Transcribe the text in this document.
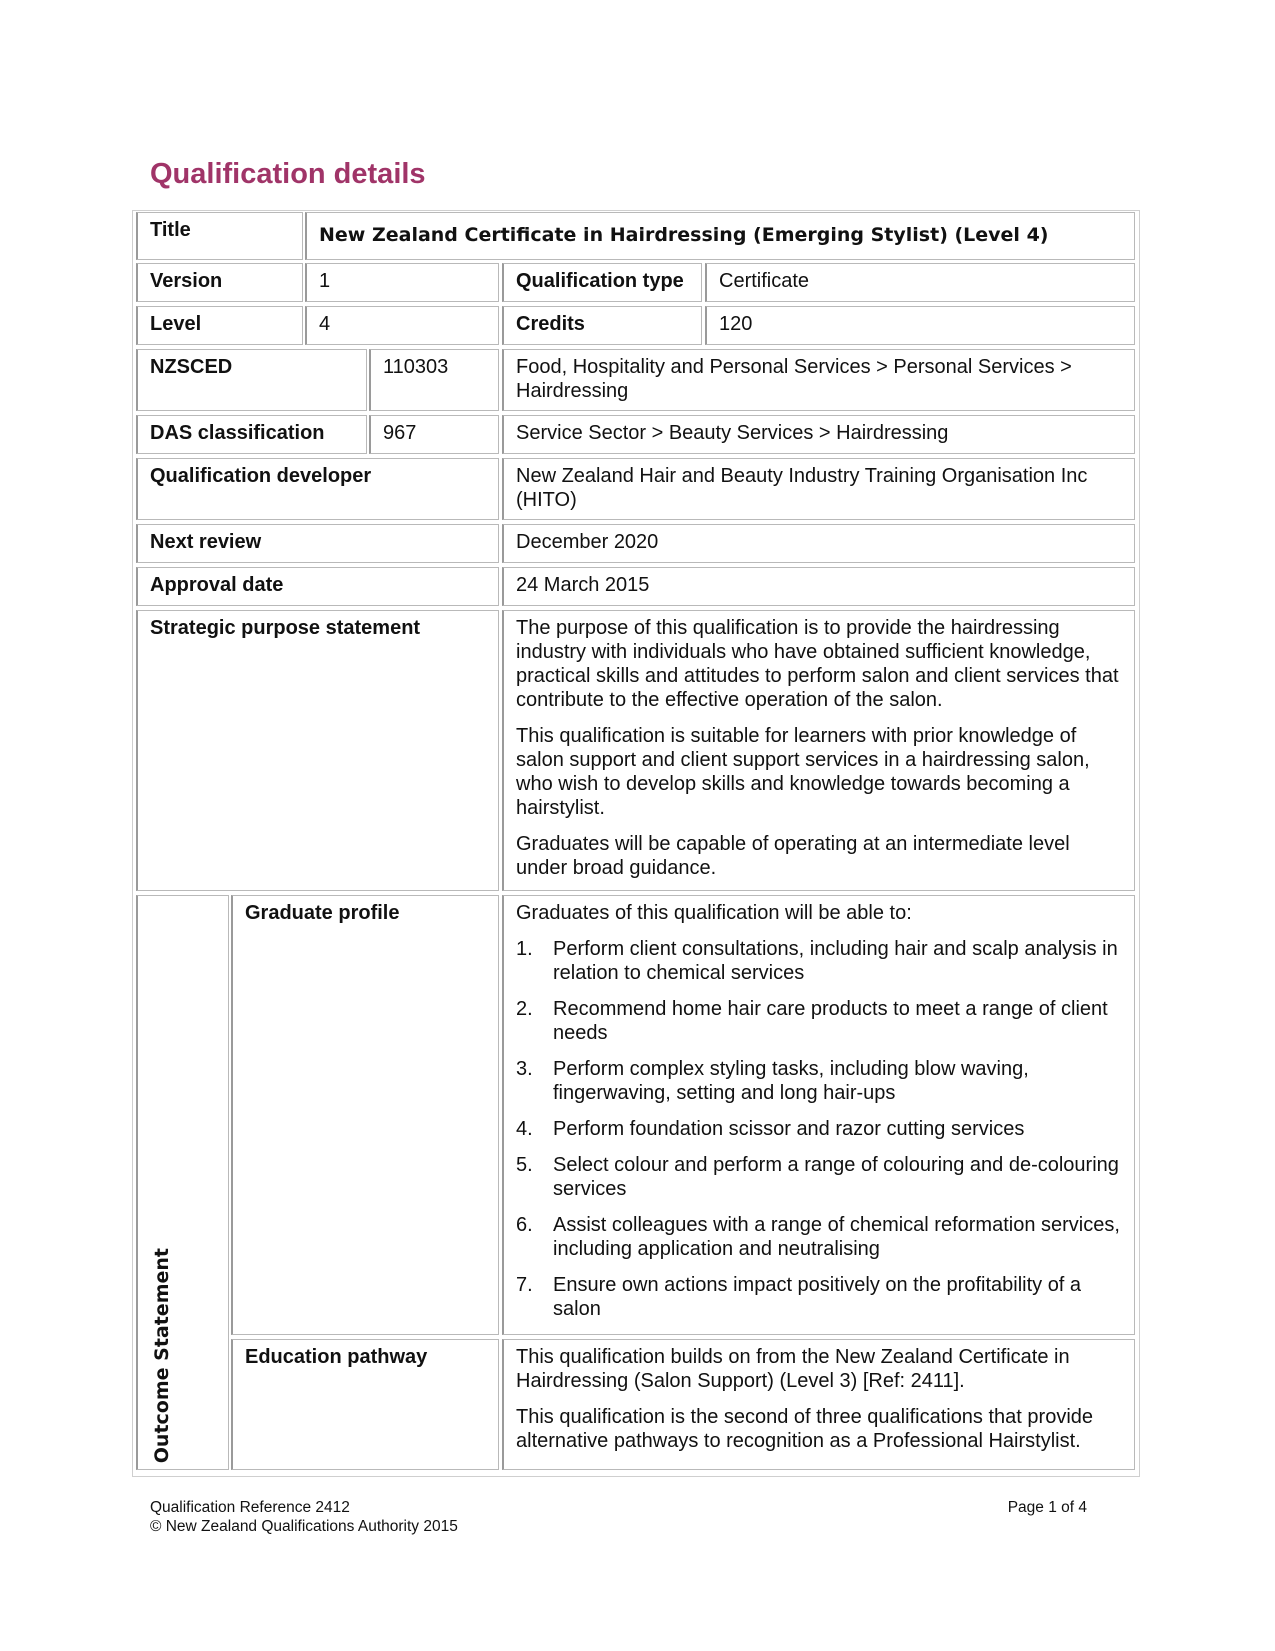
Qualification details
Title	New Zealand Certificate in Hairdressing (Emerging Stylist) (Level 4)
Version	1	Qualification type	Certificate
Level	4	Credits	120
NZSCED	110303	Food, Hospitality and Personal Services > Personal Services > Hairdressing
DAS classification	967	Service Sector > Beauty Services > Hairdressing
Qualification developer	New Zealand Hair and Beauty Industry Training Organisation Inc (HITO)
Next review	December 2020
Approval date	24 March 2015
Strategic purpose statement	The purpose of this qualification is to provide the hairdressing industry with individuals who have obtained sufficient knowledge, practical skills and attitudes to perform salon and client services that contribute to the effective operation of the salon.

This qualification is suitable for learners with prior knowledge of salon support and client support services in a hairdressing salon, who wish to develop skills and knowledge towards becoming a hairstylist.

Graduates will be capable of operating at an intermediate level under broad guidance.

Outcome Statement
Graduate profile	Graduates of this qualification will be able to:
1.	Perform client consultations, including hair and scalp analysis in relation to chemical services
2.	Recommend home hair care products to meet a range of client needs
3.	Perform complex styling tasks, including blow waving, fingerwaving, setting and long hair-ups
4.	Perform foundation scissor and razor cutting services
5.	Select colour and perform a range of colouring and de-colouring services
6.	Assist colleagues with a range of chemical reformation services, including application and neutralising
7.	Ensure own actions impact positively on the profitability of a salon
Education pathway	This qualification builds on from the New Zealand Certificate in Hairdressing (Salon Support) (Level 3) [Ref: 2411].

This qualification is the second of three qualifications that provide alternative pathways to recognition as a Professional Hairstylist.

Qualification Reference 2412
© New Zealand Qualifications Authority 2015
Page 1 of 4
